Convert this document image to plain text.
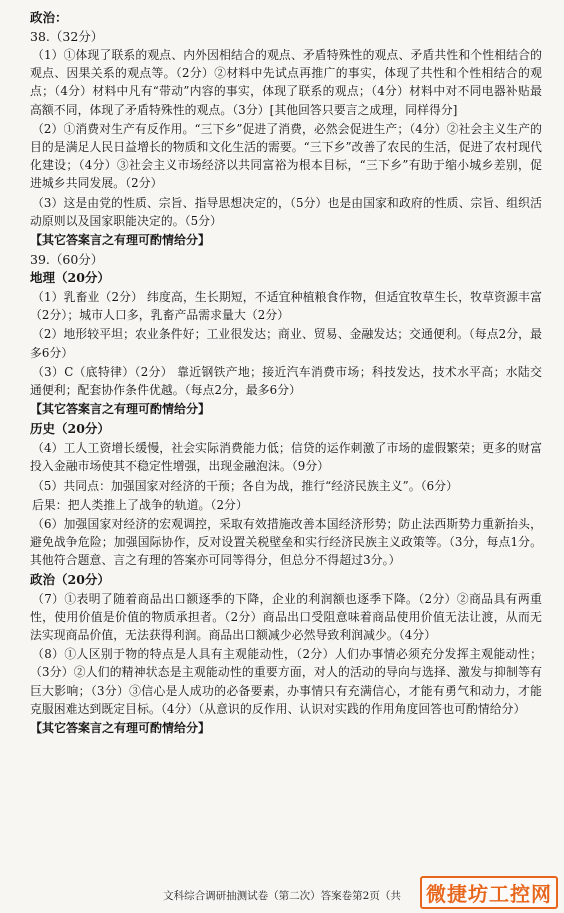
政治：
38.（32分）
（1）①体现了联系的观点、内外因相结合的观点、矛盾特殊性的观点、矛盾共性和个性相结合的观点、因果关系的观点等。（2分）②材料中先试点再推广的事实，体现了共性和个性相结合的观点；（4分）材料中凡有“带动”内容的事实，体现了联系的观点；（4分）材料中对不同电器补贴最高额不同，体现了矛盾特殊性的观点。（3分）[其他回答只要言之成理，同样得分]
（2）①消费对生产有反作用。“三下乡”促进了消费，必然会促进生产；（4分）②社会主义生产的目的是满足人民日益增长的物质和文化生活的需要。“三下乡”改善了农民的生活，促进了农村现代化建设；（4分）③社会主义市场经济以共同富裕为根本目标，“三下乡”有助于缩小城乡差别，促进城乡共同发展。（2分）
（3）这是由党的性质、宗旨、指导思想决定的，（5分）也是由国家和政府的性质、宗旨、组织活动原则以及国家职能决定的。（5分）
【其它答案言之有理可酌情给分】
39.（60分）
地理（20分）
（1）乳畜业（2分） 纬度高，生长期短，不适宜种植粮食作物，但适宜牧草生长，牧草资源丰富（2分）；城市人口多，乳畜产品需求量大（2分）
（2）地形较平坦；农业条件好；工业很发达；商业、贸易、金融发达；交通便利。（每点2分，最多6分）
（3）C（底特律）（2分） 靠近钢铁产地；接近汽车消费市场；科技发达，技术水平高；水陆交通便利；配套协作条件优越。（每点2分，最多6分）
【其它答案言之有理可酌情给分】
历史（20分）
（4）工人工资增长缓慢，社会实际消费能力低；信贷的运作刺激了市场的虚假繁荣；更多的财富投入金融市场使其不稳定性增强，出现金融泡沫。（9分）
（5）共同点：加强国家对经济的干预；各自为战，推行“经济民族主义”。（6分）
后果：把人类推上了战争的轨道。（2分）
（6）加强国家对经济的宏观调控，采取有效措施改善本国经济形势；防止法西斯势力重新抬头，避免战争危险；加强国际协作，反对设置关税壁垒和实行经济民族主义政策等。（3分，每点1分。其他符合题意、言之有理的答案亦可同等得分，但总分不得超过3分。）
政治（20分）
（7）①表明了随着商品出口额逐季的下降，企业的利润额也逐季下降。（2分）②商品具有两重性，使用价值是价值的物质承担者。（2分）商品出口受阻意味着商品使用价值无法让渡，从而无法实现商品价值，无法获得利润。商品出口额减少必然导致利润减少。（4分）
（8）①人区别于物的特点是人具有主观能动性，（2分）人们办事情必须充分发挥主观能动性；（3分）②人们的精神状态是主观能动性的重要方面，对人的活动的导向与选择、激发与抑制等有巨大影响；（3分）③信心是人成功的必备要素，办事情只有充满信心，才能有勇气和动力，才能克服困难达到既定目标。（4分）（从意识的反作用、认识对实践的作用角度回答也可酌情给分）
【其它答案言之有理可酌情给分】
文科综合调研抽测试卷（第二次）答案卷第2页（共	微捷坊工控网
